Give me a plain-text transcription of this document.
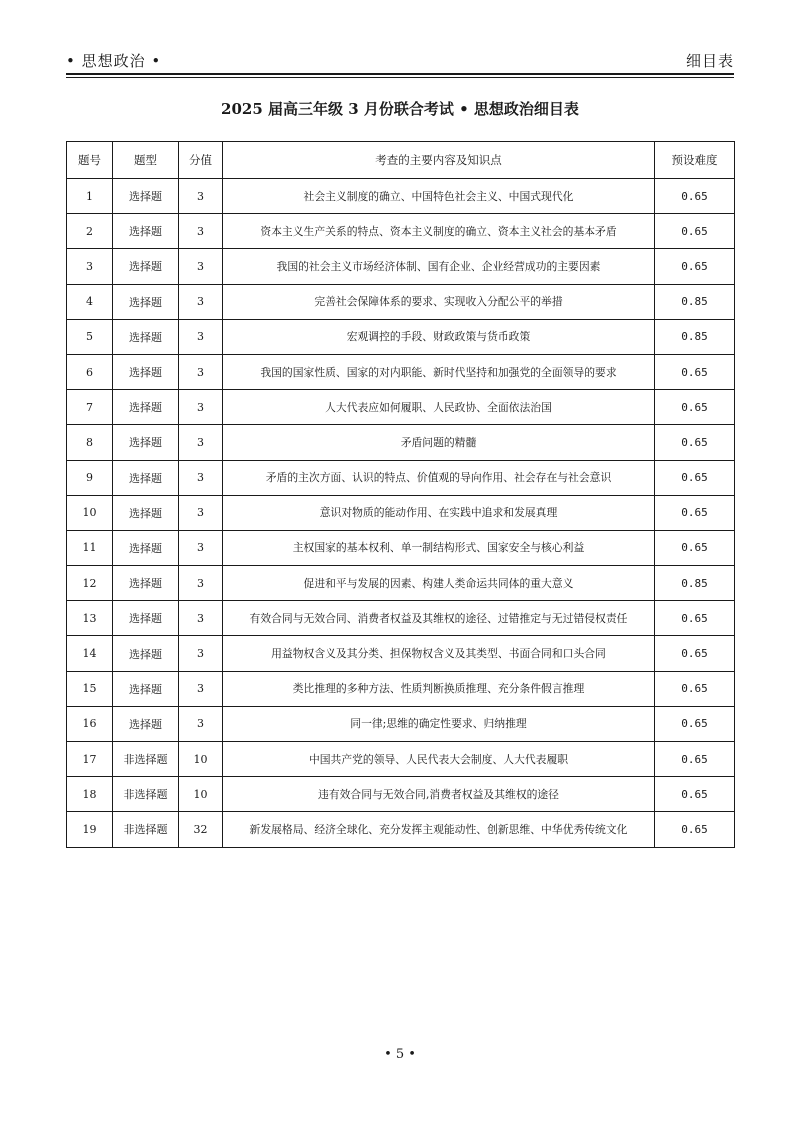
• 思想政治 •	细目表
2025 届高三年级 3 月份联合考试 • 思想政治细目表
题号	题型	分值	考查的主要内容及知识点	预设难度
1	选择题	3	社会主义制度的确立、中国特色社会主义、中国式现代化	0.65
2	选择题	3	资本主义生产关系的特点、资本主义制度的确立、资本主义社会的基本矛盾	0.65
3	选择题	3	我国的社会主义市场经济体制、国有企业、企业经营成功的主要因素	0.65
4	选择题	3	完善社会保障体系的要求、实现收入分配公平的举措	0.85
5	选择题	3	宏观调控的手段、财政政策与货币政策	0.85
6	选择题	3	我国的国家性质、国家的对内职能、新时代坚持和加强党的全面领导的要求	0.65
7	选择题	3	人大代表应如何履职、人民政协、全面依法治国	0.65
8	选择题	3	矛盾问题的精髓	0.65
9	选择题	3	矛盾的主次方面、认识的特点、价值观的导向作用、社会存在与社会意识	0.65
10	选择题	3	意识对物质的能动作用、在实践中追求和发展真理	0.65
11	选择题	3	主权国家的基本权利、单一制结构形式、国家安全与核心利益	0.65
12	选择题	3	促进和平与发展的因素、构建人类命运共同体的重大意义	0.85
13	选择题	3	有效合同与无效合同、消费者权益及其维权的途径、过错推定与无过错侵权责任	0.65
14	选择题	3	用益物权含义及其分类、担保物权含义及其类型、书面合同和口头合同	0.65
15	选择题	3	类比推理的多种方法、性质判断换质推理、充分条件假言推理	0.65
16	选择题	3	同一律;思维的确定性要求、归纳推理	0.65
17	非选择题	10	中国共产党的领导、人民代表大会制度、人大代表履职	0.65
18	非选择题	10	违有效合同与无效合同,消费者权益及其维权的途径	0.65
19	非选择题	32	新发展格局、经济全球化、充分发挥主观能动性、创新思维、中华优秀传统文化	0.65
• 5 •
